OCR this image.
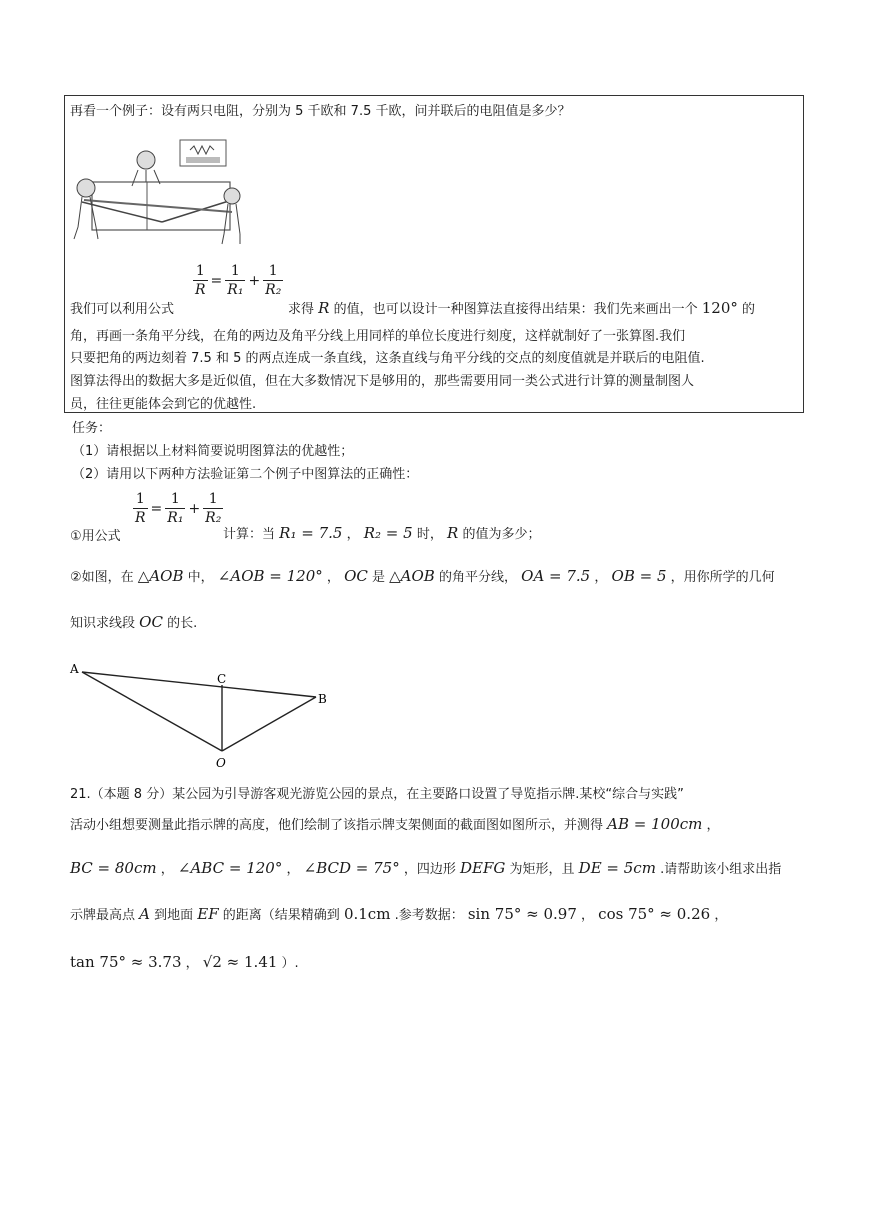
再看一个例子：设有两只电阻，分别为 5 千欧和 7.5 千欧，问并联后的电阻值是多少？
我们可以利用公式
$\frac{1}{R} = \frac{1}{\text{R₁}} + \frac{1}{\text{R₂}}$
求得 R 的值，也可以设计一种图算法直接得出结果：我们先来画出一个 120° 的
角，再画一条角平分线，在角的两边及角平分线上用同样的单位长度进行刻度，这样就制好了一张算图.我们
只要把角的两边刻着 7.5 和 5 的两点连成一条直线，这条直线与角平分线的交点的刻度值就是并联后的电阻值.
图算法得出的数据大多是近似值，但在大多数情况下是够用的，那些需要用同一类公式进行计算的测量制图人
员，往往更能体会到它的优越性.
任务：
（1）请根据以上材料简要说明图算法的优越性；
（2）请用以下两种方法验证第二个例子中图算法的正确性：
①用公式
$\frac{1}{R} = \frac{1}{\text{R₁}} + \frac{1}{\text{R₂}}$
计算：当 R₁ = 7.5 ， R₂ = 5 时， R 的值为多少；
②如图，在 △AOB 中， ∠AOB = 120° ， OC 是 △AOB 的角平分线， OA = 7.5 ， OB = 5 ，用你所学的几何
知识求线段 OC 的长.
A
C
B
O
21.（本题 8 分）某公园为引导游客观光游览公园的景点，在主要路口设置了导览指示牌.某校“综合与实践”
活动小组想要测量此指示牌的高度，他们绘制了该指示牌支架侧面的截面图如图所示，并测得 AB = 100cm ，
BC = 80cm ， ∠ABC = 120° ， ∠BCD = 75° ，四边形 DEFG 为矩形，且 DE = 5cm .请帮助该小组求出指
示牌最高点 A 到地面 EF 的距离（结果精确到 0.1cm .参考数据： sin 75° ≈ 0.97 ， cos 75° ≈ 0.26 ，
tan 75° ≈ 3.73 ， √2 ≈ 1.41 ）.
